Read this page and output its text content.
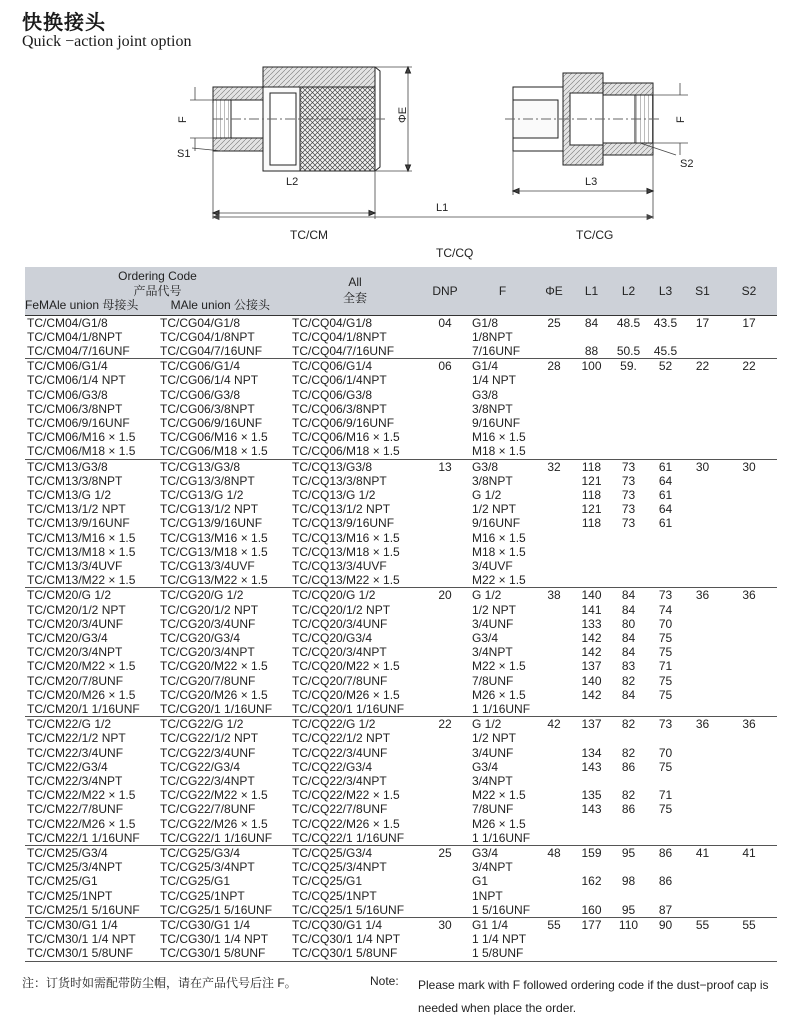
快换接头
Quick −action joint option
F
S1
ΦE
L2
F
S2
L3
L1
TC/CM	TC/CG
TC/CQ
Ordering Code
产品代号
FeMAle union 母接头 MAle union 公接头		All
全套	DNP	F	ΦE	L1	L2	L3	S1	S2
TC/CM04/G1/8	TC/CG04/G1/8	TC/CQ04/G1/8	04	G1/8	25	84	48.5	43.5	17	17
TC/CM04/1/8NPT	TC/CG04/1/8NPT	TC/CQ04/1/8NPT		1/8NPT						
TC/CM04/7/16UNF	TC/CG04/7/16UNF	TC/CQ04/7/16UNF		7/16UNF		88	50.5	45.5		
TC/CM06/G1/4	TC/CG06/G1/4	TC/CQ06/G1/4	06	G1/4	28	100	59.	52	22	22
TC/CM06/1/4 NPT	TC/CG06/1/4 NPT	TC/CQ06/1/4NPT		1/4 NPT						
TC/CM06/G3/8	TC/CG06/G3/8	TC/CQ06/G3/8		G3/8						
TC/CM06/3/8NPT	TC/CG06/3/8NPT	TC/CQ06/3/8NPT		3/8NPT						
TC/CM06/9/16UNF	TC/CG06/9/16UNF	TC/CQ06/9/16UNF		9/16UNF						
TC/CM06/M16 × 1.5	TC/CG06/M16 × 1.5	TC/CQ06/M16 × 1.5		M16 × 1.5						
TC/CM06/M18 × 1.5	TC/CG06/M18 × 1.5	TC/CQ06/M18 × 1.5		M18 × 1.5						
TC/CM13/G3/8	TC/CG13/G3/8	TC/CQ13/G3/8	13	G3/8	32	118	73	61	30	30
TC/CM13/3/8NPT	TC/CG13/3/8NPT	TC/CQ13/3/8NPT		3/8NPT		121	73	64		
TC/CM13/G 1/2	TC/CG13/G 1/2	TC/CQ13/G 1/2		G 1/2		118	73	61		
TC/CM13/1/2 NPT	TC/CG13/1/2 NPT	TC/CQ13/1/2 NPT		1/2 NPT		121	73	64		
TC/CM13/9/16UNF	TC/CG13/9/16UNF	TC/CQ13/9/16UNF		9/16UNF		118	73	61		
TC/CM13/M16 × 1.5	TC/CG13/M16 × 1.5	TC/CQ13/M16 × 1.5		M16 × 1.5						
TC/CM13/M18 × 1.5	TC/CG13/M18 × 1.5	TC/CQ13/M18 × 1.5		M18 × 1.5						
TC/CM13/3/4UVF	TC/CG13/3/4UVF	TC/CQ13/3/4UVF		3/4UVF						
TC/CM13/M22 × 1.5	TC/CG13/M22 × 1.5	TC/CQ13/M22 × 1.5		M22 × 1.5						
TC/CM20/G 1/2	TC/CG20/G 1/2	TC/CQ20/G 1/2	20	G 1/2	38	140	84	73	36	36
TC/CM20/1/2 NPT	TC/CG20/1/2 NPT	TC/CQ20/1/2 NPT		1/2 NPT		141	84	74		
TC/CM20/3/4UNF	TC/CG20/3/4UNF	TC/CQ20/3/4UNF		3/4UNF		133	80	70		
TC/CM20/G3/4	TC/CG20/G3/4	TC/CQ20/G3/4		G3/4		142	84	75		
TC/CM20/3/4NPT	TC/CG20/3/4NPT	TC/CQ20/3/4NPT		3/4NPT		142	84	75		
TC/CM20/M22 × 1.5	TC/CG20/M22 × 1.5	TC/CQ20/M22 × 1.5		M22 × 1.5		137	83	71		
TC/CM20/7/8UNF	TC/CG20/7/8UNF	TC/CQ20/7/8UNF		7/8UNF		140	82	75		
TC/CM20/M26 × 1.5	TC/CG20/M26 × 1.5	TC/CQ20/M26 × 1.5		M26 × 1.5		142	84	75		
TC/CM20/1 1/16UNF	TC/CG20/1 1/16UNF	TC/CQ20/1 1/16UNF		1 1/16UNF						
TC/CM22/G 1/2	TC/CG22/G 1/2	TC/CQ22/G 1/2	22	G 1/2	42	137	82	73	36	36
TC/CM22/1/2 NPT	TC/CG22/1/2 NPT	TC/CQ22/1/2 NPT		1/2 NPT						
TC/CM22/3/4UNF	TC/CG22/3/4UNF	TC/CQ22/3/4UNF		3/4UNF		134	82	70		
TC/CM22/G3/4	TC/CG22/G3/4	TC/CQ22/G3/4		G3/4		143	86	75		
TC/CM22/3/4NPT	TC/CG22/3/4NPT	TC/CQ22/3/4NPT		3/4NPT						
TC/CM22/M22 × 1.5	TC/CG22/M22 × 1.5	TC/CQ22/M22 × 1.5		M22 × 1.5		135	82	71		
TC/CM22/7/8UNF	TC/CG22/7/8UNF	TC/CQ22/7/8UNF		7/8UNF		143	86	75		
TC/CM22/M26 × 1.5	TC/CG22/M26 × 1.5	TC/CQ22/M26 × 1.5		M26 × 1.5						
TC/CM22/1 1/16UNF	TC/CG22/1 1/16UNF	TC/CQ22/1 1/16UNF		1 1/16UNF						
TC/CM25/G3/4	TC/CG25/G3/4	TC/CQ25/G3/4	25	G3/4	48	159	95	86	41	41
TC/CM25/3/4NPT	TC/CG25/3/4NPT	TC/CQ25/3/4NPT		3/4NPT						
TC/CM25/G1	TC/CG25/G1	TC/CQ25/G1		G1		162	98	86		
TC/CM25/1NPT	TC/CG25/1NPT	TC/CQ25/1NPT		1NPT						
TC/CM25/1 5/16UNF	TC/CG25/1 5/16UNF	TC/CQ25/1 5/16UNF		1 5/16UNF		160	95	87		
TC/CM30/G1 1/4	TC/CG30/G1 1/4	TC/CQ30/G1 1/4	30	G1 1/4	55	177	110	90	55	55
TC/CM30/1 1/4 NPT	TC/CG30/1 1/4 NPT	TC/CQ30/1 1/4 NPT		1 1/4 NPT						
TC/CM30/1 5/8UNF	TC/CG30/1 5/8UNF	TC/CQ30/1 5/8UNF		1 5/8UNF						
注：订货时如需配带防尘帽，请在产品代号后注 F。	Note: Please mark with F followed ordering code if the dust−proof cap is needed when place the order.
